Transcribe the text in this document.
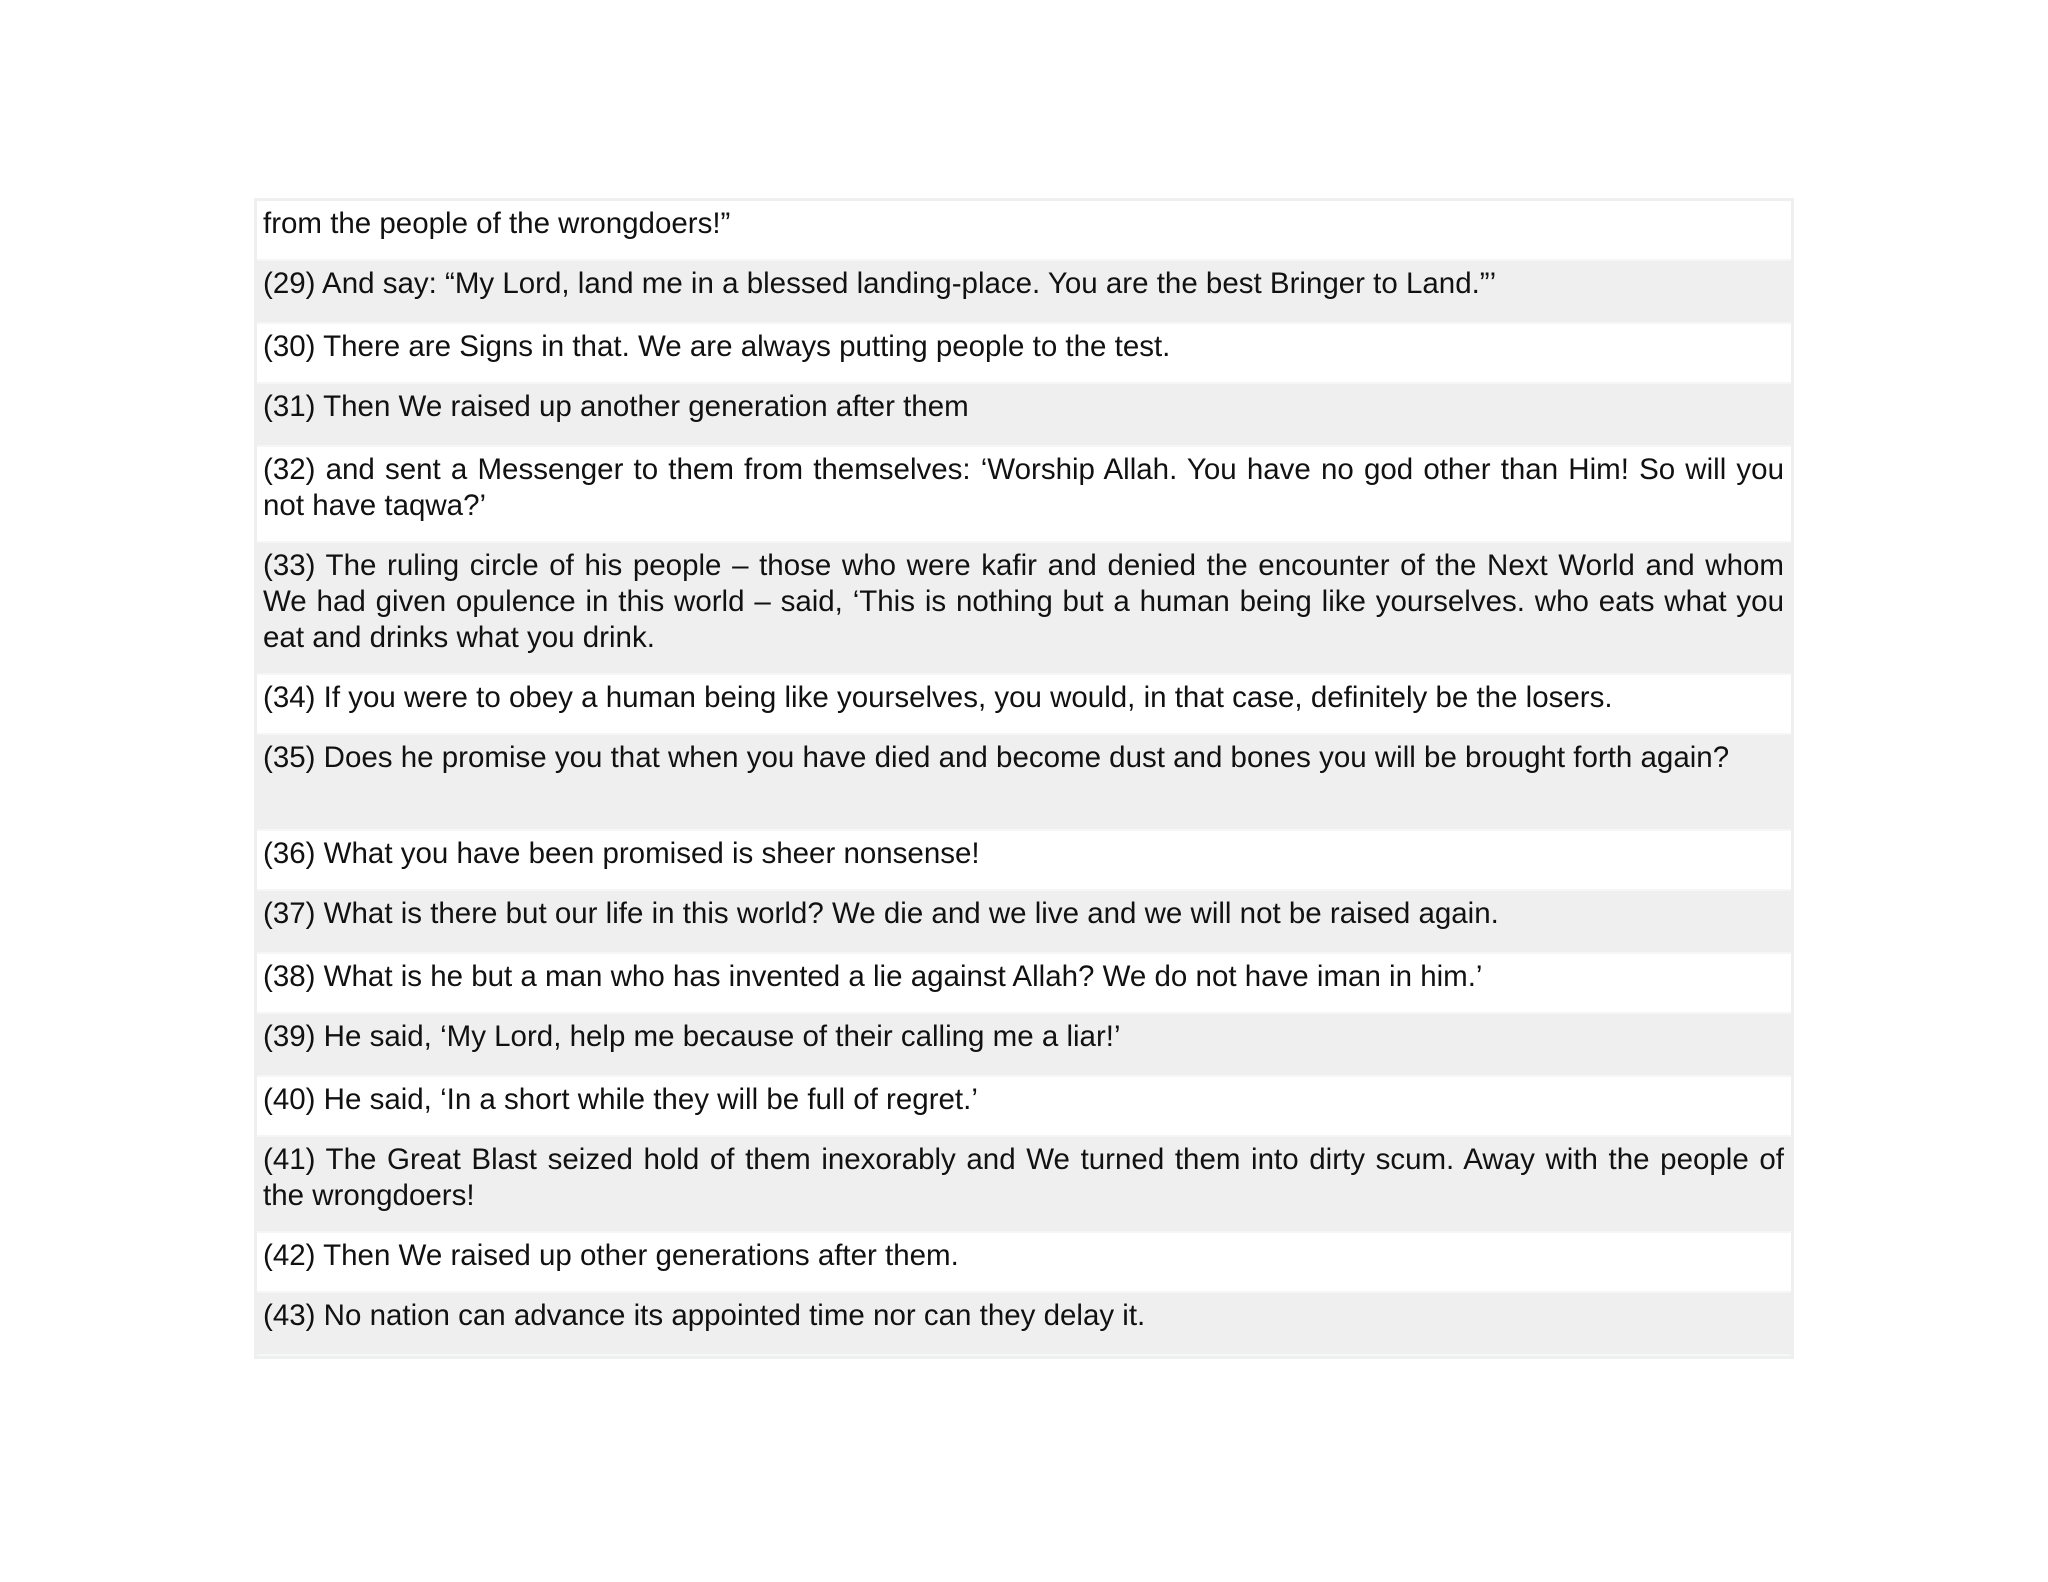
from the people of the wrongdoers!”
(29) And say: “My Lord, land me in a blessed landing-place. You are the best Bringer to Land.”’
(30) There are Signs in that. We are always putting people to the test.
(31) Then We raised up another generation after them
(32) and sent a Messenger to them from themselves: ‘Worship Allah. You have no god other than Him! So will you not have taqwa?’
(33) The ruling circle of his people – those who were kafir and denied the encounter of the Next World and whom We had given opulence in this world – said, ‘This is nothing but a human being like yourselves. who eats what you eat and drinks what you drink.
(34) If you were to obey a human being like yourselves, you would, in that case, definitely be the losers.
(35) Does he promise you that when you have died and become dust and bones you will be brought forth again?
(36) What you have been promised is sheer nonsense!
(37) What is there but our life in this world? We die and we live and we will not be raised again.
(38) What is he but a man who has invented a lie against Allah? We do not have iman in him.’
(39) He said, ‘My Lord, help me because of their calling me a liar!’
(40) He said, ‘In a short while they will be full of regret.’
(41) The Great Blast seized hold of them inexorably and We turned them into dirty scum. Away with the people of the wrongdoers!
(42) Then We raised up other generations after them.
(43) No nation can advance its appointed time nor can they delay it.
